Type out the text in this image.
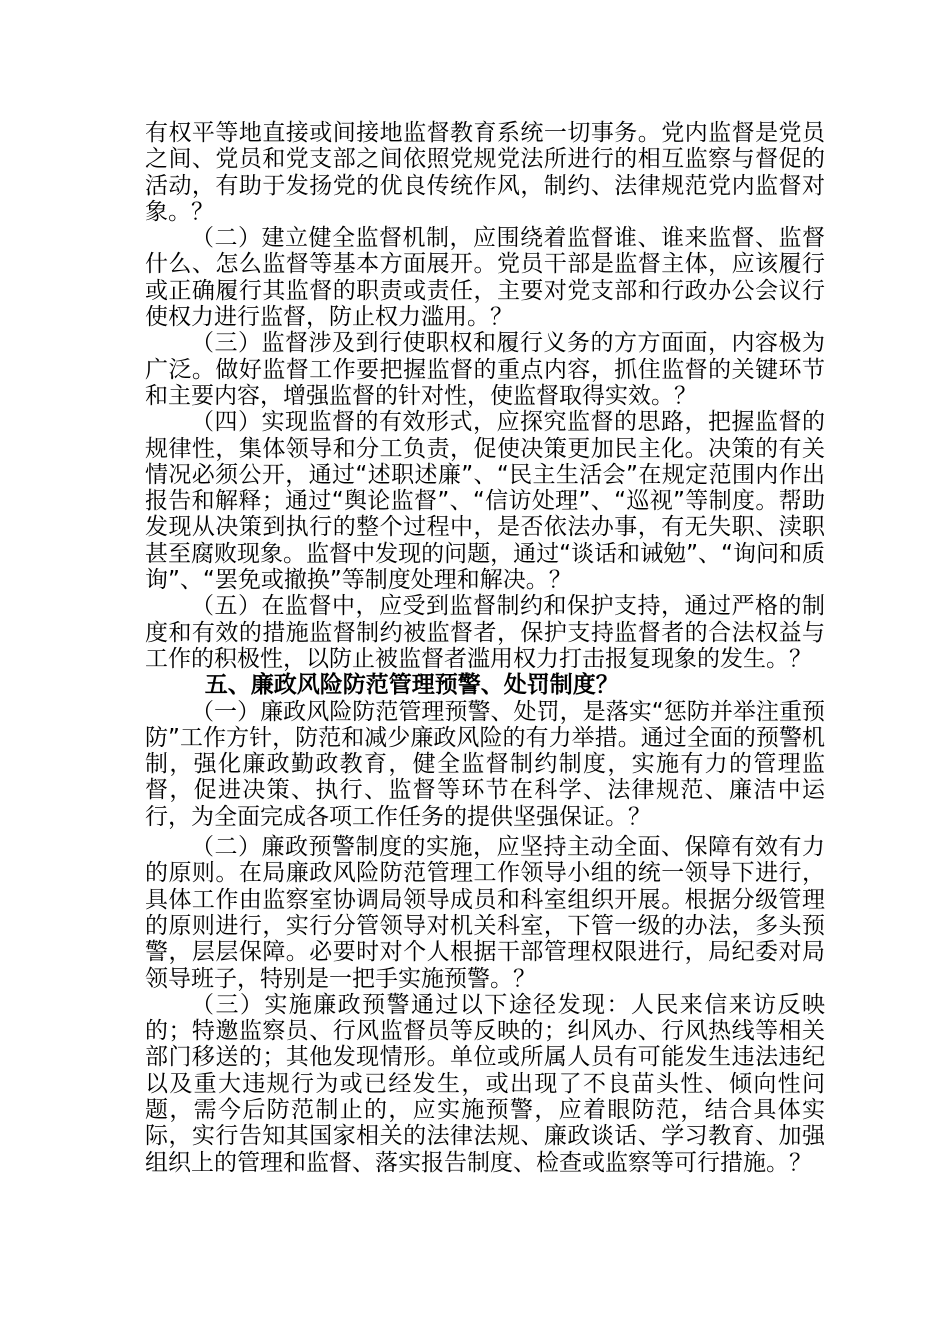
有权平等地直接或间接地监督教育系统一切事务。党内监督是党员之间、党员和党支部之间依照党规党法所进行的相互监察与督促的活动，有助于发扬党的优良传统作风，制约、法律规范党内监督对象。？

（二）建立健全监督机制，应围绕着监督谁、谁来监督、监督什么、怎么监督等基本方面展开。党员干部是监督主体，应该履行或正确履行其监督的职责或责任，主要对党支部和行政办公会议行使权力进行监督，防止权力滥用。？

（三）监督涉及到行使职权和履行义务的方方面面，内容极为广泛。做好监督工作要把握监督的重点内容，抓住监督的关键环节和主要内容，增强监督的针对性，使监督取得实效。？

（四）实现监督的有效形式，应探究监督的思路，把握监督的规律性，集体领导和分工负责，促使决策更加民主化。决策的有关情况必须公开，通过“述职述廉”、“民主生活会”在规定范围内作出报告和解释；通过“舆论监督”、“信访处理”、“巡视”等制度。帮助发现从决策到执行的整个过程中，是否依法办事，有无失职、渎职甚至腐败现象。监督中发现的问题，通过“谈话和诫勉”、“询问和质询”、“罢免或撤换”等制度处理和解决。？

（五）在监督中，应受到监督制约和保护支持，通过严格的制度和有效的措施监督制约被监督者，保护支持监督者的合法权益与工作的积极性，以防止被监督者滥用权力打击报复现象的发生。？

五、廉政风险防范管理预警、处罚制度？

（一）廉政风险防范管理预警、处罚，是落实“惩防并举注重预防”工作方针，防范和减少廉政风险的有力举措。通过全面的预警机制，强化廉政勤政教育，健全监督制约制度，实施有力的管理监督，促进决策、执行、监督等环节在科学、法律规范、廉洁中运行，为全面完成各项工作任务的提供坚强保证。？

（二）廉政预警制度的实施，应坚持主动全面、保障有效有力的原则。在局廉政风险防范管理工作领导小组的统一领导下进行，具体工作由监察室协调局领导成员和科室组织开展。根据分级管理的原则进行，实行分管领导对机关科室，下管一级的办法，多头预警，层层保障。必要时对个人根据干部管理权限进行，局纪委对局领导班子，特别是一把手实施预警。？

（三）实施廉政预警通过以下途径发现：人民来信来访反映的；特邀监察员、行风监督员等反映的；纠风办、行风热线等相关部门移送的；其他发现情形。单位或所属人员有可能发生违法违纪以及重大违规行为或已经发生，或出现了不良苗头性、倾向性问题，需今后防范制止的，应实施预警，应着眼防范，结合具体实际，实行告知其国家相关的法律法规、廉政谈话、学习教育、加强组织上的管理和监督、落实报告制度、检查或监察等可行措施。？
